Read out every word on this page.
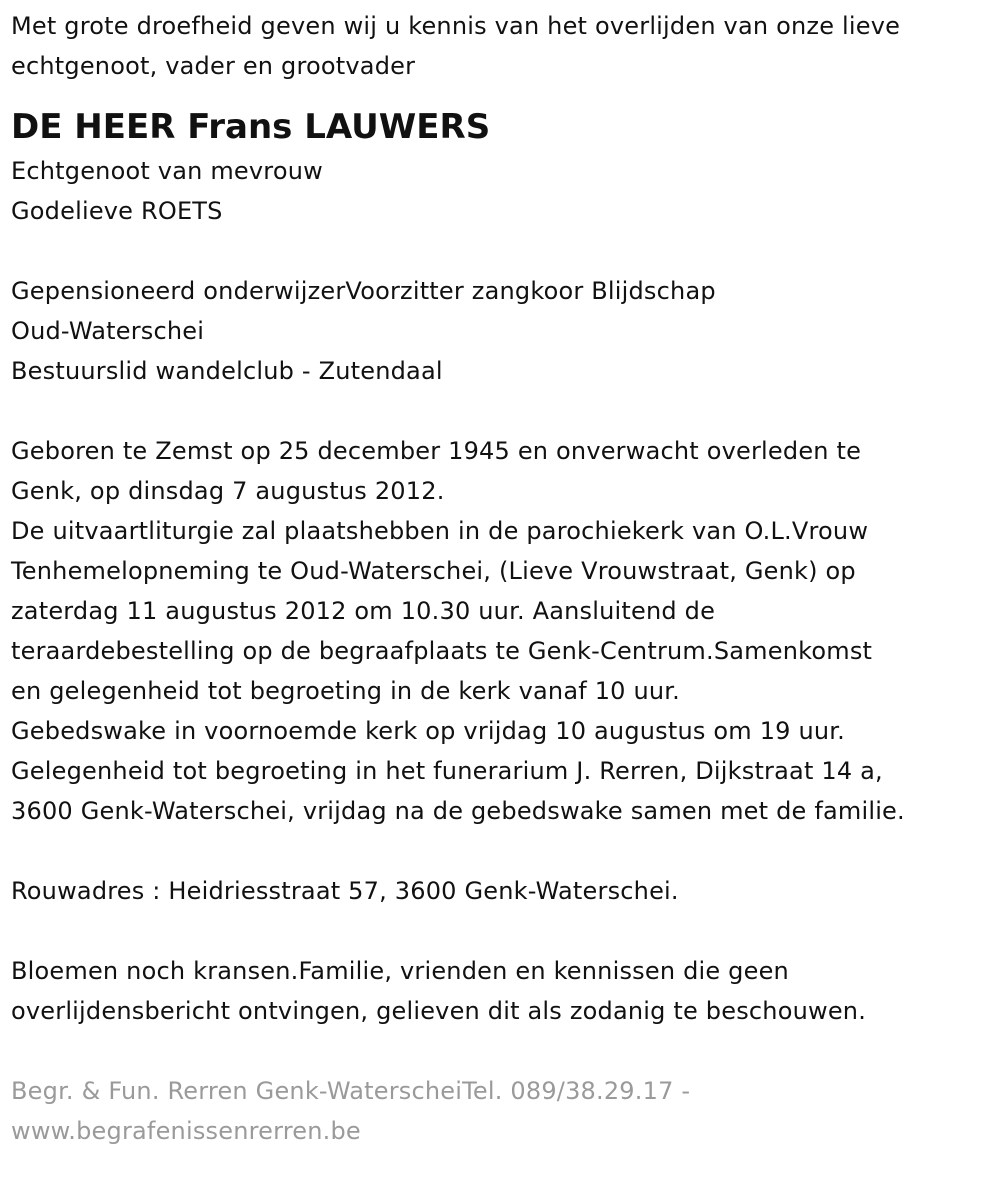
Met grote droefheid geven wij u kennis van het overlijden van onze lieve
echtgenoot, vader en grootvader
DE HEER Frans LAUWERS
Echtgenoot van mevrouw
Godelieve ROETS
Gepensioneerd onderwijzerVoorzitter zangkoor Blijdschap
Oud-Waterschei
Bestuurslid wandelclub - Zutendaal
Geboren te Zemst op 25 december 1945 en onverwacht overleden te
Genk, op dinsdag 7 augustus 2012.
De uitvaartliturgie zal plaatshebben in de parochiekerk van O.L.Vrouw
Tenhemelopneming te Oud-Waterschei, (Lieve Vrouwstraat, Genk) op
zaterdag 11 augustus 2012 om 10.30 uur. Aansluitend de
teraardebestelling op de begraafplaats te Genk-Centrum.Samenkomst
en gelegenheid tot begroeting in de kerk vanaf 10 uur.
Gebedswake in voornoemde kerk op vrijdag 10 augustus om 19 uur.
Gelegenheid tot begroeting in het funerarium J. Rerren, Dijkstraat 14 a,
3600 Genk-Waterschei, vrijdag na de gebedswake samen met de familie.
Rouwadres : Heidriesstraat 57, 3600 Genk-Waterschei.
Bloemen noch kransen.Familie, vrienden en kennissen die geen
overlijdensbericht ontvingen, gelieven dit als zodanig te beschouwen.
Begr. & Fun. Rerren Genk-WaterscheiTel. 089/38.29.17 -
www.begrafenissenrerren.be
